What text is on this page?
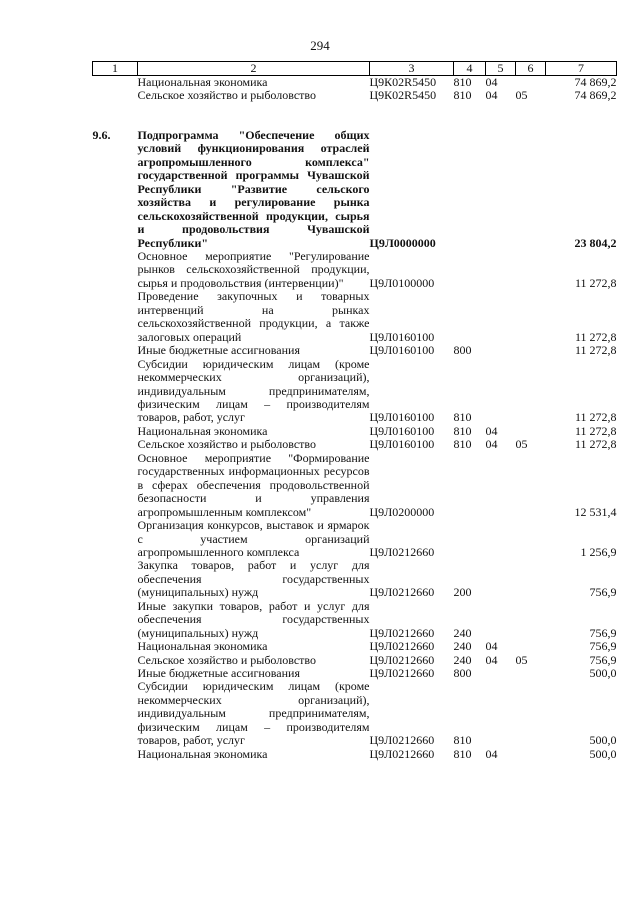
294
1	2	3	4	5	6	7
	Национальная экономика	Ц9К02R5450	810	04		74 869,2
	Сельское хозяйство и рыболовство	Ц9К02R5450	810	04	05	74 869,2

9.6.	Подпрограмма "Обеспечение общих условий функционирования отраслей агропромышленного комплекса" государственной программы Чувашской Республики "Развитие сельского хозяйства и регулирование рынка сельскохозяйственной продукции, сырья и продовольствия Чувашской Республики"	Ц9Л0000000				23 804,2
	Основное мероприятие "Регулирование рынков сельскохозяйственной продукции, сырья и продовольствия (интервенции)"	Ц9Л0100000				11 272,8
	Проведение закупочных и товарных интервенций на рынках сельскохозяйственной продукции, а также залоговых операций	Ц9Л0160100				11 272,8
	Иные бюджетные ассигнования	Ц9Л0160100	800			11 272,8
	Субсидии юридическим лицам (кроме некоммерческих организаций), индивидуальным предпринимателям, физическим лицам – производителям товаров, работ, услуг	Ц9Л0160100	810			11 272,8
	Национальная экономика	Ц9Л0160100	810	04		11 272,8
	Сельское хозяйство и рыболовство	Ц9Л0160100	810	04	05	11 272,8
	Основное мероприятие "Формирование государственных информационных ресурсов в сферах обеспечения продовольственной безопасности и управления агропромышленным комплексом"	Ц9Л0200000				12 531,4
	Организация конкурсов, выставок и ярмарок с участием организаций агропромышленного комплекса	Ц9Л0212660				1 256,9
	Закупка товаров, работ и услуг для обеспечения государственных (муниципальных) нужд	Ц9Л0212660	200			756,9
	Иные закупки товаров, работ и услуг для обеспечения государственных (муниципальных) нужд	Ц9Л0212660	240			756,9
	Национальная экономика	Ц9Л0212660	240	04		756,9
	Сельское хозяйство и рыболовство	Ц9Л0212660	240	04	05	756,9
	Иные бюджетные ассигнования	Ц9Л0212660	800			500,0
	Субсидии юридическим лицам (кроме некоммерческих организаций), индивидуальным предпринимателям, физическим лицам – производителям товаров, работ, услуг	Ц9Л0212660	810			500,0
	Национальная экономика	Ц9Л0212660	810	04		500,0
